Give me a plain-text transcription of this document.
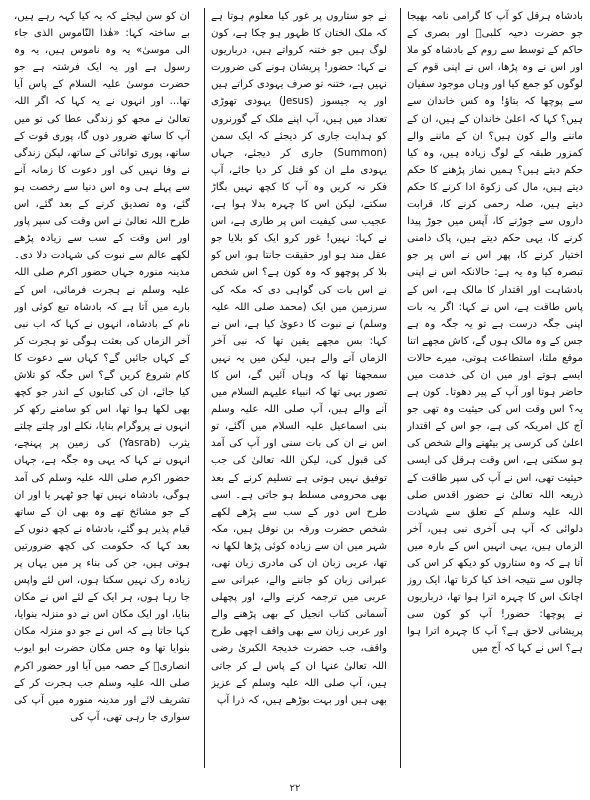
بادشاہ ہرقل کو آپ کا گرامی نامہ بھیجا جو حضرت دحیہ کلبیؓ اور بصری کے حاکم کے توسط سے روم کے بادشاہ کو ملا اور اس نے وہ پڑھا، اس نے اپنی قوم کے لوگوں کو جمع کیا اور وہاں موجود سفیان سے پوچھا کہ بتاؤ! وہ کس خاندان سے ہیں؟ کہا کہ اعلیٰ خاندان کے ہیں، ان کے ماننے والے کون ہیں؟ ان کے ماننے والے کمزور طبقہ کے لوگ زیادہ ہیں، وہ کیا حکم دیتے ہیں؟ ہمیں نماز پڑھنے کا حکم دیتے ہیں، مال کی زکوۃ ادا کرنے کا حکم دیتے ہیں، صلہ رحمی کرنے کا، قرابت داروں سے جوڑنے کا، آپس میں جوڑ پیدا کرنے کا، یہی حکم دیتے ہیں، پاک دامنی اختیار کرنے کا، پھر اس نے اس پر جو تبصرہ کیا وہ یہ ہے: حالانکہ اس نے اپنی بادشاہت اور اقتدار کا مالک ہے، اس کے پاس طاقت ہے، اس نے کہا: اگر یہ بات اپنی جگہ درست ہے تو یہ جگہ وہ ہے جس کے وہ مالک ہوں گے، کاش مجھے اتنا موقع ملتا، استطاعت ہوتی، میرے حالات ایسے ہوتے اور میں ان کی خدمت میں حاضر ہوتا اور آپ کے پیر دھوتا۔ کون ہے یہ؟ اس وقت اس کی حیثیت وہ تھی جو آج کل امریکہ کی ہے، جو اس کے اقتدار اعلیٰ کی کرسی پر بیٹھنے والے شخص کی ہو سکتی ہے، اس وقت ہرقل کی ایسی حیثیت تھی، اس نے آپ کی سپر طاقت کے ذریعہ اللہ تعالیٰ نے حضور اقدس صلی اللہ علیہ وسلم کے تعلق سے شہادت دلوائی کہ آپ ہی آخری نبی ہیں، آخر الزماں ہیں، یہی انہیں اس کے بارہ میں آتا ہے کہ وہ ستاروں کو دیکھ کر اس کی چالوں سے نتیجہ اخذ کیا کرتا تھا، ایک روز اچانک اس کا چہرہ اترا ہوا تھا، درباریوں نے پوچھا: حضور! آپ کو کون سی پریشانی لاحق ہے؟ آپ کا چہرہ اترا ہوا ہے؟ اس نے کہا کہ آج میں

نے جو ستاروں پر غور کیا معلوم ہوتا ہے کہ ملک الختان کا ظہور ہو چکا ہے، کون لوگ ہیں جو ختنہ کرواتے ہیں، درباریوں نے کہا: حضور! پریشان ہونے کی ضرورت نہیں ہے، ختنہ تو صرف یہودی کراتے ہیں اور یہ جیسوز (Jesus) یہودی تھوڑی تعداد میں ہیں، آپ اپنے ملک کے گورنروں کو ہدایت جاری کر دیجئے کہ ایک سمن (Summon) جاری کر دیجئے، جہاں یہودی ملے ان کو قتل کر دیا جائے، آپ فکر نہ کریں وہ آپ کا کچھ نہیں بگاڑ سکتے، لیکن اس کا چہرہ بدلا ہوا ہے، عجیب سی کیفیت اس پر طاری ہے، اس نے کہا: نہیں! غور کرو ایک کو بلایا جو عقل مند ہو اور حقیقت جانتا ہو، اس کو بلا کر پوچھو کہ وہ کون ہے؟ اس شخص نے اس بات کی گواہی دی کہ مکہ کی سرزمین میں ایک (محمد صلی اللہ علیہ وسلم) نے نبوت کا دعویٰ کیا ہے، اس نے کہا: بس مجھے یقین تھا کہ نبی آخر الزماں آنے والے ہیں، لیکن میں یہ نہیں سمجھتا تھا کہ وہاں آئیں گے، اس کا تصور یہی تھا کہ انبیاء علیہم السلام میں آنے والے ہیں، آپ صلی اللہ علیہ وسلم بنی اسماعیل علیہ السلام میں آگئے، تو اس نے ان کی بات سنی اور آپ کی آمد کی قبول کی، لیکن اللہ تعالیٰ کی جب توفیق نہیں ہوتی ہے تسلیم کرنے کے بعد بھی محرومی مسلط ہو جاتی ہے۔ اسی طرح اس دور کے سب سے پڑھے لکھے شخص حضرت ورقہ بن نوفل ہیں، مکہ شہر میں ان سے زیادہ کوئی پڑھا لکھا نہ تھا، عربی زبان ان کی مادری زبان تھی، عبرانی زبان کو جاننے والے، عبرانی سے عربی میں ترجمہ کرنے والے، اور پچھلی آسمانی کتاب انجیل کے بھی پڑھنے والے اور عربی زبان سے بھی واقف اچھی طرح واقف، جب حضرت خدیجۃ الکبریٰ رضی اللہ تعالیٰ عنہا ان کے پاس لے کر جاتی ہیں، آپ صلی اللہ علیہ وسلم کے عزیز بھی ہیں اور بہت بوڑھے ہیں، کہ ذرا آپ

ان کو سن لیجئے کہ یہ کیا کہہ رہے ہیں، بے ساختہ کہا: «ھٰذا النّاموس الذی جاء الی موسیٰ» یہ وہ ناموس ہیں، یہ وہ رسول ہے اور یہ ایک فرشتہ ہے جو حضرت موسیٰ علیہ السلام کے پاس آیا تھا... اور انہوں نے یہ کہا کہ اگر اللہ تعالیٰ نے مجھ کو زندگی عطا کی تو میں آپ کا ساتھ ضرور دوں گا، پوری قوت کے ساتھ، پوری توانائی کے ساتھ، لیکن زندگی نے وفا نہیں کی اور دعوت کا زمانہ آنے سے پہلے ہی وہ اس دنیا سے رخصت ہو گئے، وہ تصدیق کرنے کے بعد گئے، اس طرح اللہ تعالیٰ نے اس وقت کی سپر پاور اور اس وقت کے سب سے زیادہ پڑھے لکھے عالم سے نبوت کی شہادت دلا دی۔ مدینہ منورہ جہاں حضور اکرم صلی اللہ علیہ وسلم نے ہجرت فرمائی، اس کے بارے میں آتا ہے کہ بادشاہ تبع کوئی اور نام کے بادشاہ، انہوں نے کہا کہ اب نبی آخر الزماں کی بعثت ہوگی تو ہجرت کر کے کہاں جائیں گے؟ کہاں سے دعوت کا کام شروع کریں گے؟ اس جگہ کو تلاش کیا جائے، ان کی کتابوں کے اندر جو کچھ بھی لکھا ہوا تھا، اس کو سامنے رکھ کر انہوں نے پروگرام بنایا، نکلے اور چلتے چلتے یثرب (Yasrab) کی زمین پر پہنچے، انہوں نے کہا کہ یہی وہ جگہ ہے، جہاں حضور اکرم صلی اللہ علیہ وسلم کی آمد ہوگی، بادشاہ نہیں تھا جو ٹھہر یا اور ان کے جو مشائخ تھے وہ بھی ان کے ساتھ قیام پذیر ہو گئے، بادشاہ نے کچھ دنوں کے بعد کہا کہ حکومت کی کچھ ضرورتیں ہوتی ہیں، جن کی بناء پر میں یہاں پر زیادہ رک نہیں سکتا ہوں، اس لئے واپس جا رہا ہوں، ہر ایک کے لئے اس نے مکان بنایا، اور ایک مکان اس نے دو منزلہ بنوایا، کہا جاتا ہے کہ اس نے جو دو منزلہ مکان بنوایا تھا وہ جس مکان حضرت ابو ایوب انصاریؓ کے حصہ میں آیا اور حضور اکرم صلی اللہ علیہ وسلم جب ہجرت کر کے تشریف لائے اور مدینہ منورہ میں آپ کی سواری جا رہی تھی، آپ کی

٢٢
